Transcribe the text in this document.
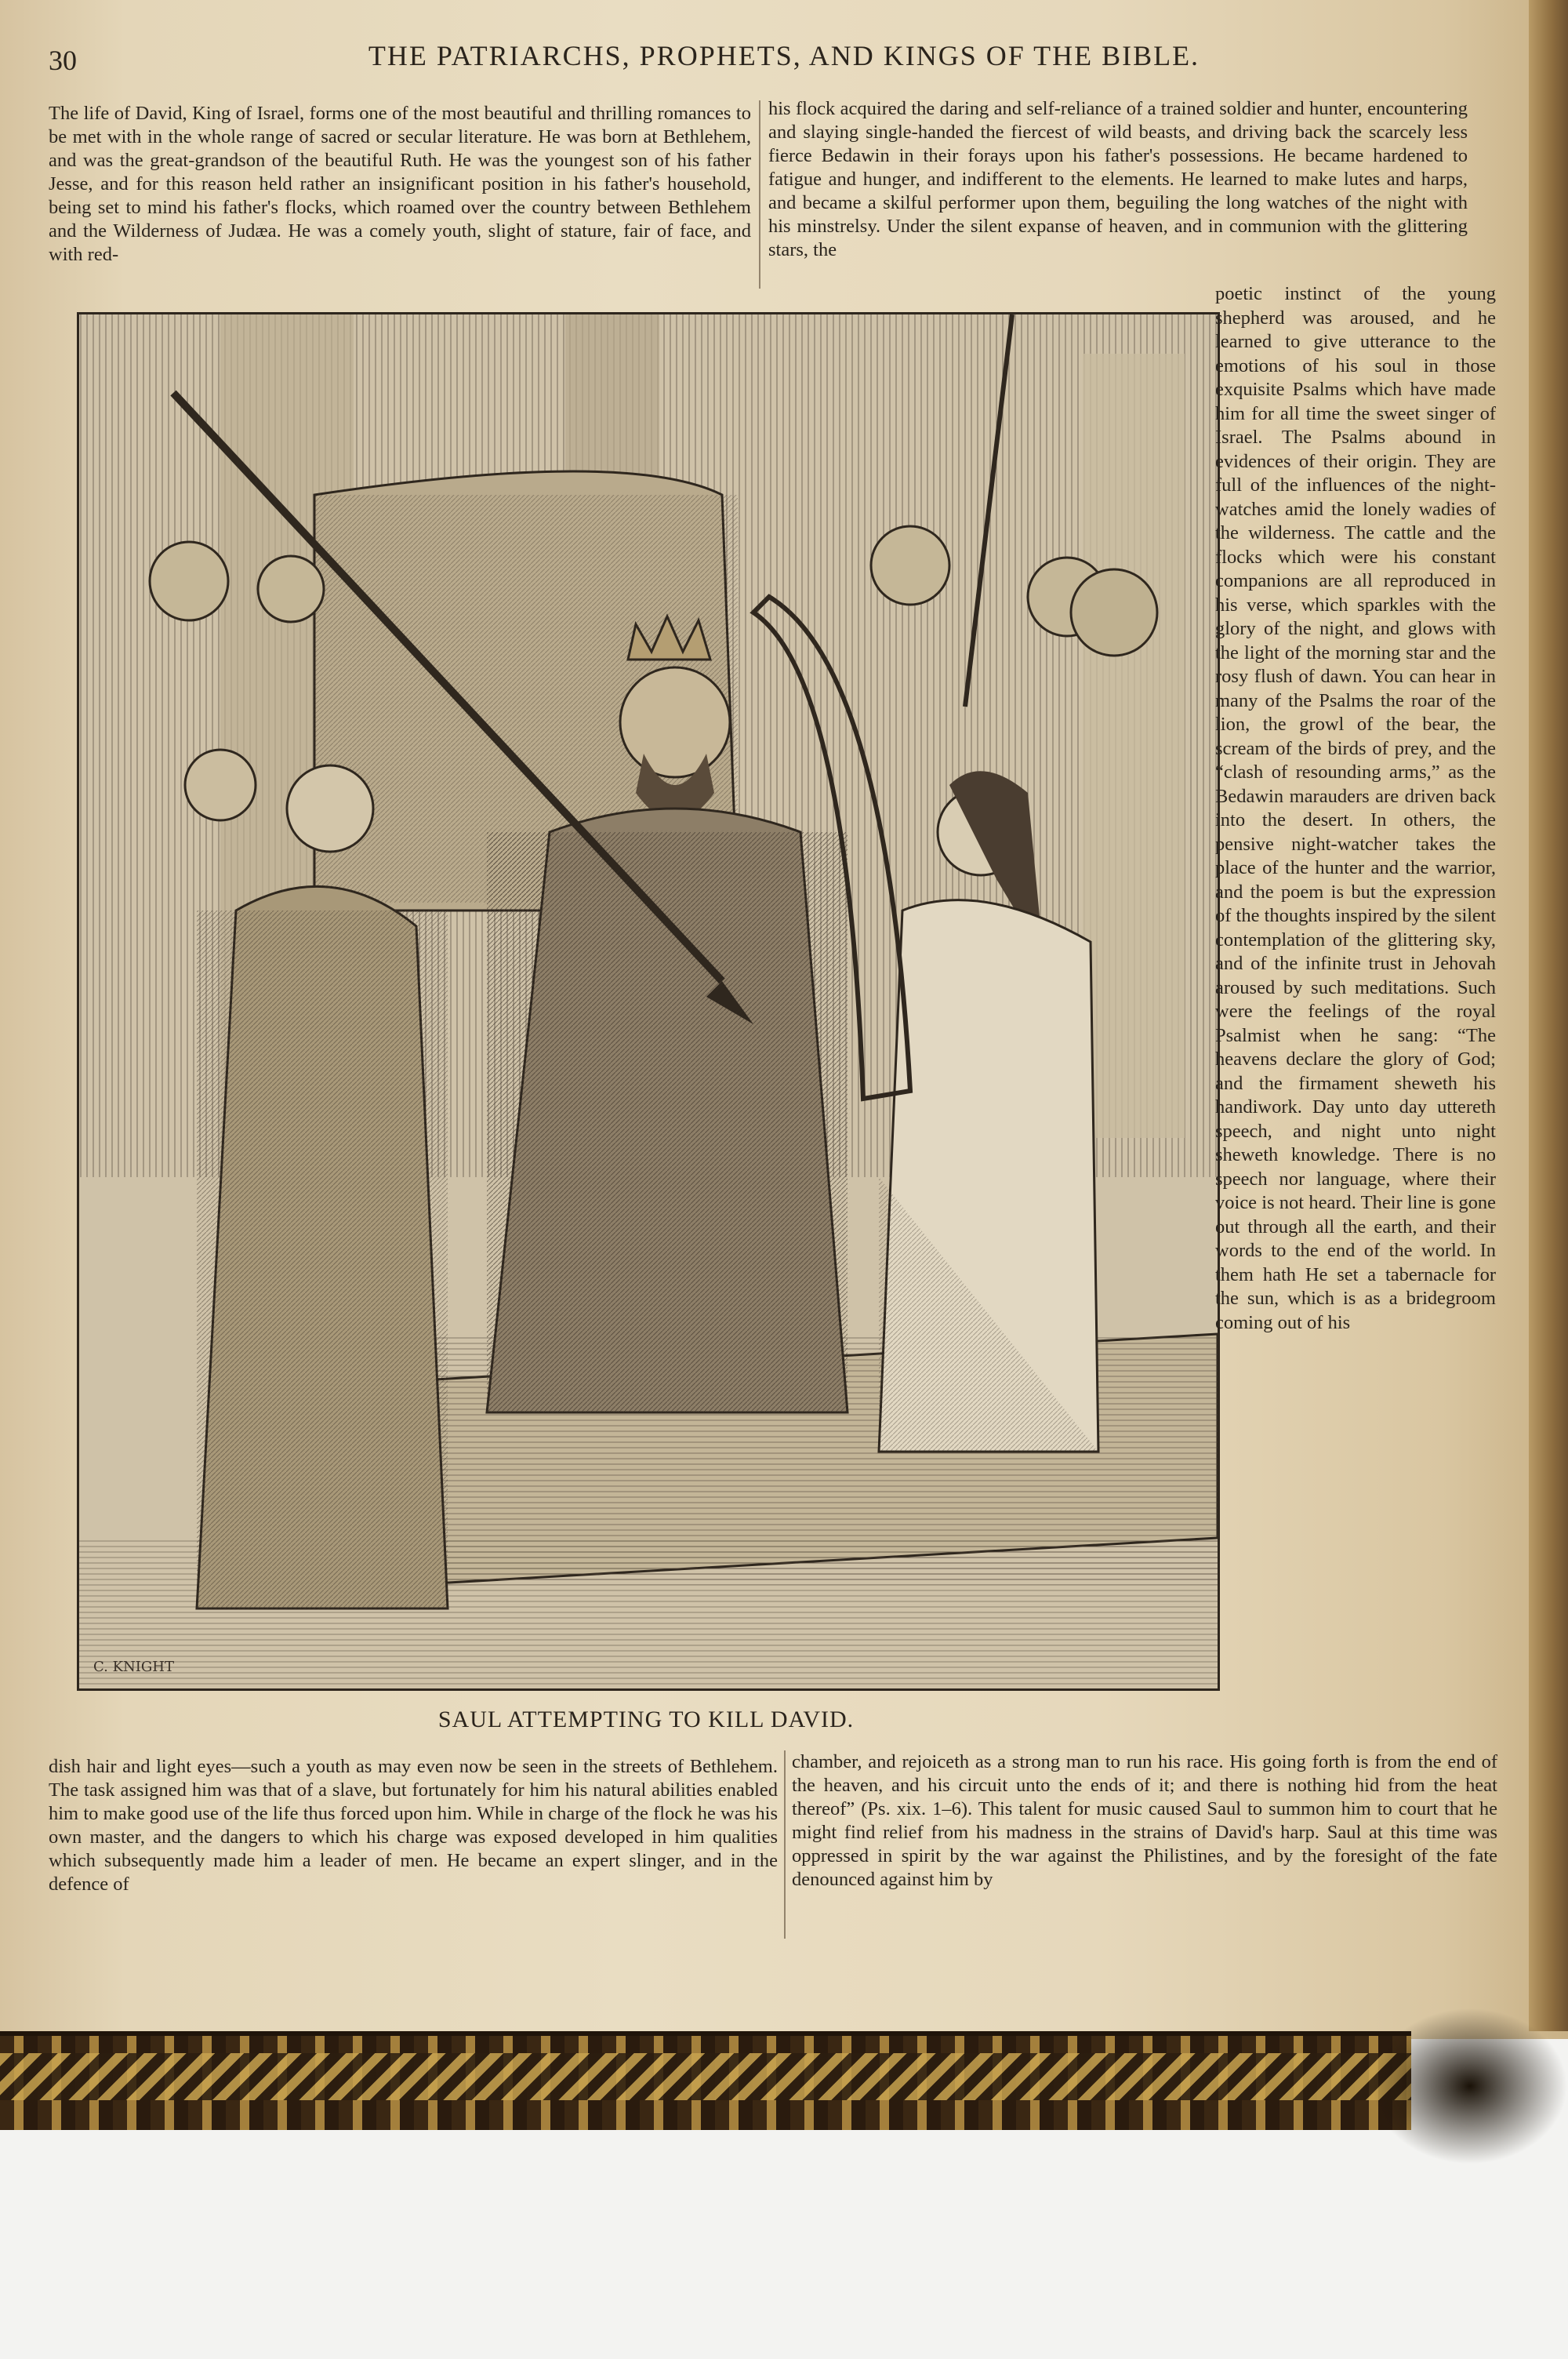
30	THE PATRIARCHS, PROPHETS, AND KINGS OF THE BIBLE.
The life of David, King of Israel, forms one of the most beautiful and thrilling romances to be met with in the whole range of sacred or secular literature. He was born at Bethlehem, and was the great-grandson of the beautiful Ruth. He was the youngest son of his father Jesse, and for this reason held rather an insignificant position in his father's household, being set to mind his father's flocks, which roamed over the country between Bethlehem and the Wilderness of Judæa. He was a comely youth, slight of stature, fair of face, and with red-
his flock acquired the daring and self-reliance of a trained soldier and hunter, encountering and slaying single-handed the fiercest of wild beasts, and driving back the scarcely less fierce Bedawin in their forays upon his father's possessions. He became hardened to fatigue and hunger, and indifferent to the elements. He learned to make lutes and harps, and became a skilful performer upon them, beguiling the long watches of the night with his minstrelsy. Under the silent expanse of heaven, and in communion with the glittering stars, the
C. KNIGHT
poetic instinct of the young shepherd was aroused, and he learned to give utterance to the emotions of his soul in those exquisite Psalms which have made him for all time the sweet singer of Israel. The Psalms abound in evidences of their origin. They are full of the influences of the night-watches amid the lonely wadies of the wilderness. The cattle and the flocks which were his constant companions are all reproduced in his verse, which sparkles with the glory of the night, and glows with the light of the morning star and the rosy flush of dawn. You can hear in many of the Psalms the roar of the lion, the growl of the bear, the scream of the birds of prey, and the “clash of resounding arms,” as the Bedawin marauders are driven back into the desert. In others, the pensive night-watcher takes the place of the hunter and the warrior, and the poem is but the expression of the thoughts inspired by the silent contemplation of the glittering sky, and of the infinite trust in Jehovah aroused by such meditations. Such were the feelings of the royal Psalmist when he sang: “The heavens declare the glory of God; and the firmament sheweth his handiwork. Day unto day uttereth speech, and night unto night sheweth knowledge. There is no speech nor language, where their voice is not heard. Their line is gone out through all the earth, and their words to the end of the world. In them hath He set a tabernacle for the sun, which is as a bridegroom coming out of his
SAUL ATTEMPTING TO KILL DAVID.
dish hair and light eyes—such a youth as may even now be seen in the streets of Bethlehem. The task assigned him was that of a slave, but fortunately for him his natural abilities enabled him to make good use of the life thus forced upon him. While in charge of the flock he was his own master, and the dangers to which his charge was exposed developed in him qualities which subsequently made him a leader of men. He became an expert slinger, and in the defence of
chamber, and rejoiceth as a strong man to run his race. His going forth is from the end of the heaven, and his circuit unto the ends of it; and there is nothing hid from the heat thereof” (Ps. xix. 1–6). This talent for music caused Saul to summon him to court that he might find relief from his madness in the strains of David's harp. Saul at this time was oppressed in spirit by the war against the Philistines, and by the foresight of the fate denounced against him by
